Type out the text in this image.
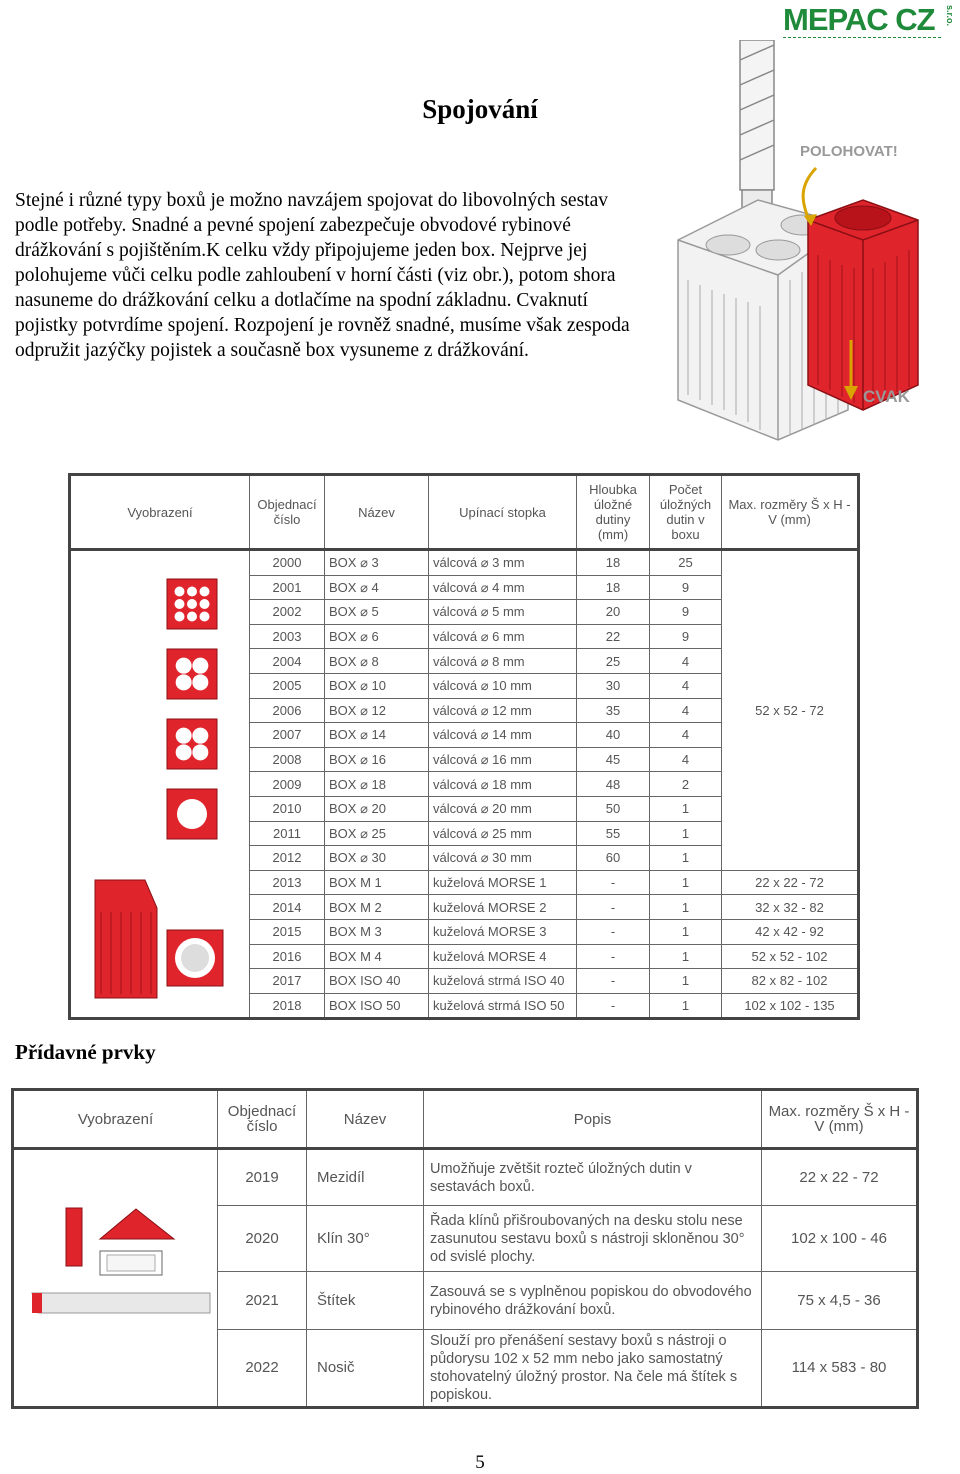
MEPAC CZ s.r.o.
Spojování
Stejné i různé typy boxů je možno navzájem spojovat do libovolných sestav podle potřeby. Snadné a pevné spojení zabezpečuje obvodové rybinové drážkování s pojištěním.K celku vždy připojujeme jeden box. Nejprve jej polohujeme vůči celku podle zahloubení v horní části (viz obr.), potom shora nasuneme do drážkování celku a dotlačíme na spodní základnu. Cvaknutí pojistky potvrdíme spojení. Rozpojení je rovněž snadné, musíme však zespoda odpružit jazýčky pojistek a současně box vysuneme z drážkování.
POLOHOVAT!
CVAK
Vyobrazení	Objednací číslo	Název	Upínací stopka	Hloubka úložné dutiny (mm)	Počet úložných dutin v boxu	Max. rozměry Š x H - V (mm)
	2000	BOX ⌀ 3	válcová ⌀ 3 mm	18	25	52 x 52 - 72
	2001	BOX ⌀ 4	válcová ⌀ 4 mm	18	9	
	2002	BOX ⌀ 5	válcová ⌀ 5 mm	20	9	
	2003	BOX ⌀ 6	válcová ⌀ 6 mm	22	9	
	2004	BOX ⌀ 8	válcová ⌀ 8 mm	25	4	
	2005	BOX ⌀ 10	válcová ⌀ 10 mm	30	4	
	2006	BOX ⌀ 12	válcová ⌀ 12 mm	35	4	
	2007	BOX ⌀ 14	válcová ⌀ 14 mm	40	4	
	2008	BOX ⌀ 16	válcová ⌀ 16 mm	45	4	
	2009	BOX ⌀ 18	válcová ⌀ 18 mm	48	2	
	2010	BOX ⌀ 20	válcová ⌀ 20 mm	50	1	
	2011	BOX ⌀ 25	válcová ⌀ 25 mm	55	1	
	2012	BOX ⌀ 30	válcová ⌀ 30 mm	60	1	
	2013	BOX M 1	kuželová MORSE 1	-	1	22 x 22 - 72
	2014	BOX M 2	kuželová MORSE 2	-	1	32 x 32 - 82
	2015	BOX M 3	kuželová MORSE 3	-	1	42 x 42 - 92
	2016	BOX M 4	kuželová MORSE 4	-	1	52 x 52 - 102
	2017	BOX ISO 40	kuželová strmá ISO 40	-	1	82 x 82 - 102
	2018	BOX ISO 50	kuželová strmá ISO 50	-	1	102 x 102 - 135
Přídavné prvky
Vyobrazení	Objednací číslo	Název	Popis	Max. rozměry Š x H - V (mm)
	2019	Mezidíl	Umožňuje zvětšit rozteč úložných dutin v sestavách boxů.	22 x 22 - 72
	2020	Klín 30°	Řada klínů přišroubovaných na desku stolu nese zasunutou sestavu boxů s nástroji skloněnou 30° od svislé plochy.	102 x 100 - 46
	2021	Štítek	Zasouvá se s vyplněnou popiskou do obvodového rybinového drážkování boxů.	75 x 4,5 - 36
	2022	Nosič	Slouží pro přenášení sestavy boxů s nástroji o půdorysu 102 x 52 mm nebo jako samostatný stohovatelný úložný prostor. Na čele má štítek s popiskou.	114 x 583 - 80
5
